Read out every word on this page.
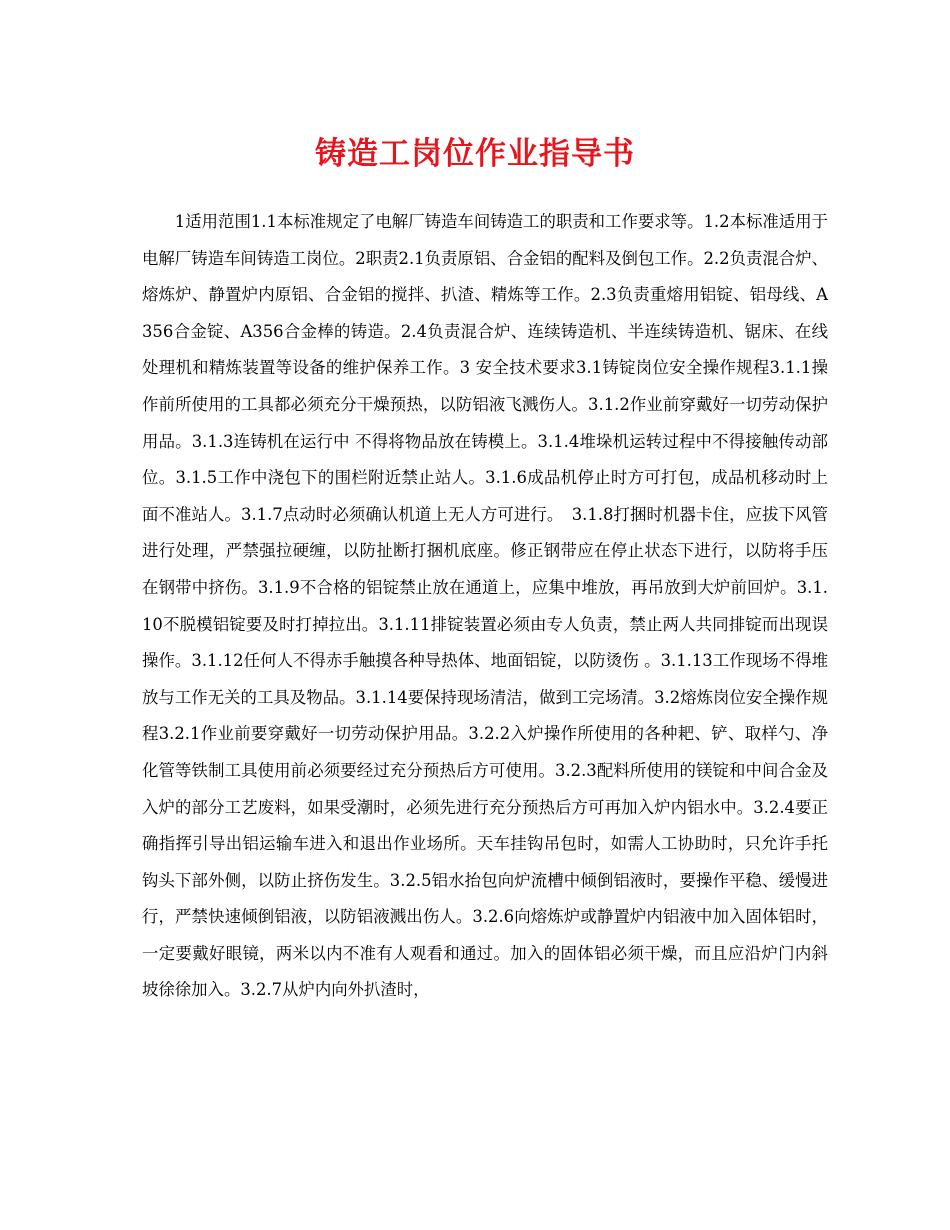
铸造工岗位作业指导书

1适用范围1.1本标准规定了电解厂铸造车间铸造工的职责和工作要求等。1.2本标准适用于电解厂铸造车间铸造工岗位。2职责2.1负责原铝、合金铝的配料及倒包工作。2.2负责混合炉、熔炼炉、静置炉内原铝、合金铝的搅拌、扒渣、精炼等工作。2.3负责重熔用铝锭、铝母线、A356合金锭、A356合金棒的铸造。2.4负责混合炉、连续铸造机、半连续铸造机、锯床、在线处理机和精炼装置等设备的维护保养工作。3 安全技术要求3.1铸锭岗位安全操作规程3.1.1操作前所使用的工具都必须充分干燥预热，以防铝液飞溅伤人。3.1.2作业前穿戴好一切劳动保护用品。3.1.3连铸机在运行中 不得将物品放在铸模上。3.1.4堆垛机运转过程中不得接触传动部位。3.1.5工作中浇包下的围栏附近禁止站人。3.1.6成品机停止时方可打包，成品机移动时上面不准站人。3.1.7点动时必须确认机道上无人方可进行。　3.1.8打捆时机器卡住，应拔下风管进行处理，严禁强拉硬缠，以防扯断打捆机底座。修正钢带应在停止状态下进行，以防将手压在钢带中挤伤。3.1.9不合格的铝锭禁止放在通道上，应集中堆放，再吊放到大炉前回炉。3.1.10不脱模铝锭要及时打掉拉出。3.1.11排锭装置必须由专人负责，禁止两人共同排锭而出现误操作。3.1.12任何人不得赤手触摸各种导热体、地面铝锭，以防烫伤 。3.1.13工作现场不得堆放与工作无关的工具及物品。3.1.14要保持现场清洁，做到工完场清。3.2熔炼岗位安全操作规程3.2.1作业前要穿戴好一切劳动保护用品。3.2.2入炉操作所使用的各种耙、铲、取样勺、净化管等铁制工具使用前必须要经过充分预热后方可使用。3.2.3配料所使用的镁锭和中间合金及入炉的部分工艺废料，如果受潮时，必须先进行充分预热后方可再加入炉内铝水中。3.2.4要正确指挥引导出铝运输车进入和退出作业场所。天车挂钩吊包时，如需人工协助时，只允许手托钩头下部外侧，以防止挤伤发生。3.2.5铝水抬包向炉流槽中倾倒铝液时，要操作平稳、缓慢进行，严禁快速倾倒铝液，以防铝液溅出伤人。3.2.6向熔炼炉或静置炉内铝液中加入固体铝时，一定要戴好眼镜，两米以内不准有人观看和通过。加入的固体铝必须干燥，而且应沿炉门内斜坡徐徐加入。3.2.7从炉内向外扒渣时，
